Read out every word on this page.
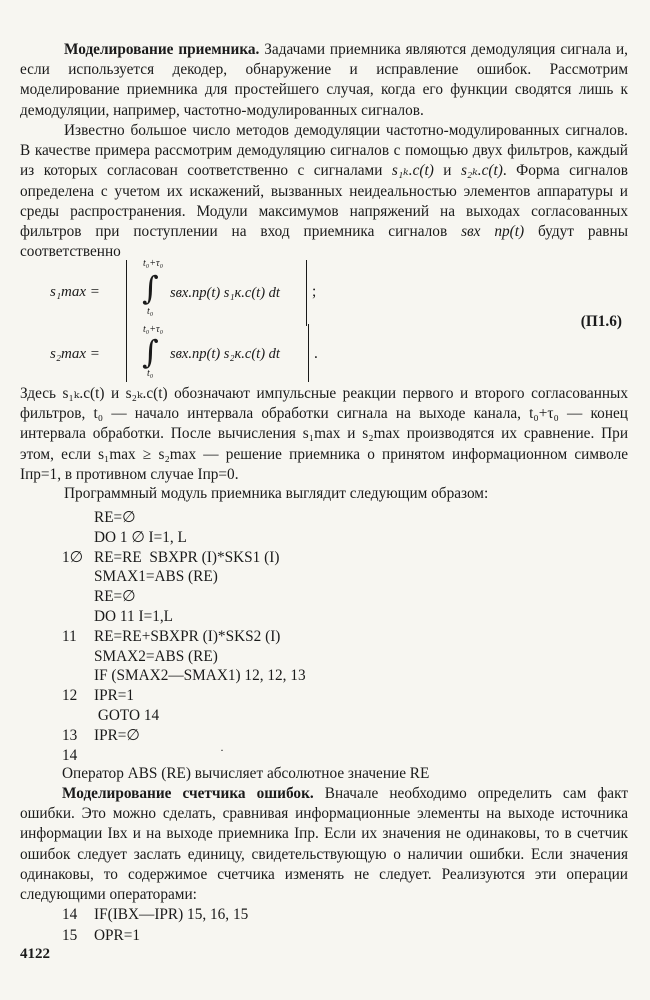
Моделирование приемника. Задачами приемника являются демодуляция сигнала и, если используется декодер, обнаружение и исправление ошибок. Рассмотрим моделирование приемника для простейшего случая, когда его функции сводятся лишь к демодуляции, например, частотно-модулированных сигналов.
Известно большое число методов демодуляции частотно-модулированных сигналов. В качестве примера рассмотрим демодуляцию сигналов с помощью двух фильтров, каждый из которых согласован соответственно с сигналами s₁ₖ.c(t) и s₂ₖ.c(t). Форма сигналов определена с учетом их искажений, вызванных неидеальностью элементов аппаратуры и среды распространения. Модули максимумов напряжений на выходах согласованных фильтров при поступлении на вход приемника сигналов sвх пр(t) будут равны соответственно
s₁max =
t₀+τ₀
∫
t₀
sвх.пр(t) s₁к.с(t) dt ;
s₂max =
t₀+τ₀
∫
t₀
sвх.пр(t) s₂к.с(t) dt .
(П1.6)
Здесь s₁ₖ.c(t) и s₂ₖ.c(t) обозначают импульсные реакции первого и второго согласованных фильтров, t₀ — начало интервала обработки сигнала на выходе канала, t₀+τ₀ — конец интервала обработки. После вычисления s₁max и s₂max производятся их сравнение. При этом, если s₁max ≥ s₂max — решение приемника о принятом информационном символе Iпр=1, в противном случае Iпр=0.
Программный модуль приемника выглядит следующим образом:
RE=∅
DO 1 ∅ I=1, L
1∅ RE=RE  SBXPR (I)*SKS1 (I)
SMAX1=ABS (RE)
RE=∅
DO 11 I=1,L
11	RE=RE+SBXPR (I)*SKS2 (I)
SMAX2=ABS (RE)
IF (SMAX2—SMAX1) 12, 12, 13
12	IPR=1
GOTO 14
13	IPR=∅
14	·
Оператор ABS (RE) вычисляет абсолютное значение RE
Моделирование счетчика ошибок. Вначале необходимо определить сам факт ошибки. Это можно сделать, сравнивая информационные элементы на выходе источника информации Iвх и на выходе приемника Iпр. Если их значения не одинаковы, то в счетчик ошибок следует заслать единицу, свидетельствующую о наличии ошибки. Если значения одинаковы, то содержимое счетчика изменять не следует. Реализуются эти операции следующими операторами:
14	IF(IBX—IPR) 15, 16, 15
15	OPR=1
4122
